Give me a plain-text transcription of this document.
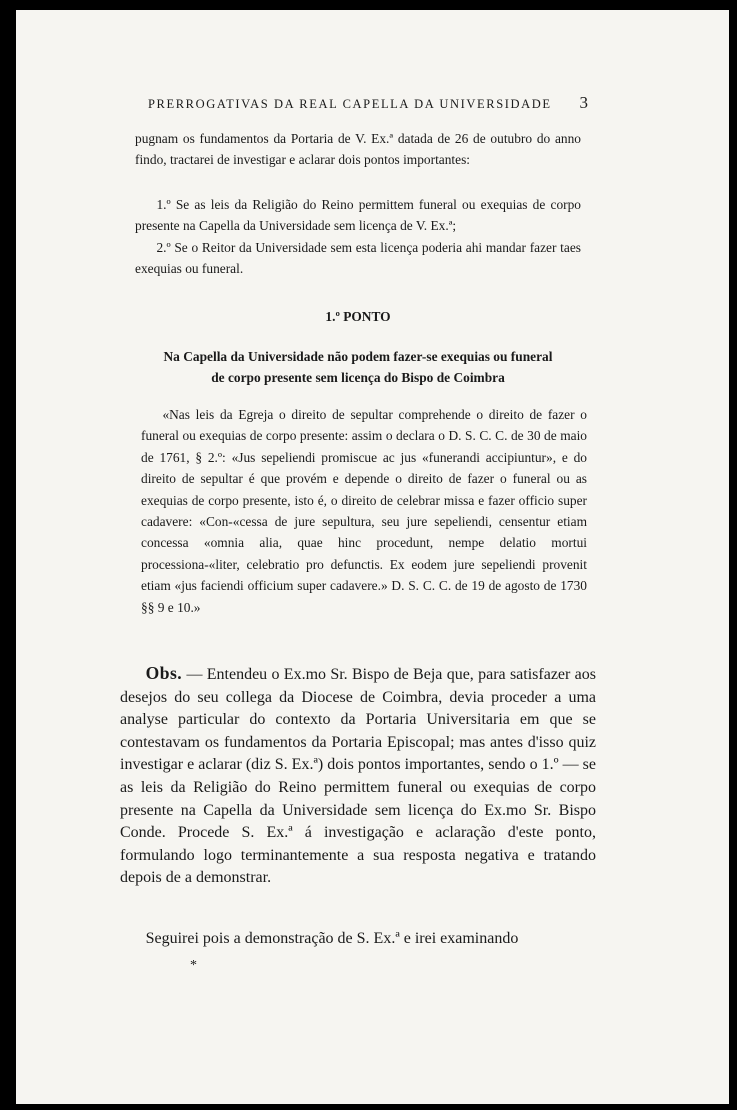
PRERROGATIVAS DA REAL CAPELLA DA UNIVERSIDADE 3

pugnam os fundamentos da Portaria de V. Ex.ª datada de 26 de outubro do anno findo, tractarei de investigar e aclarar dois pontos importantes:

1.º Se as leis da Religião do Reino permittem funeral ou exequias de corpo presente na Capella da Universidade sem licença de V. Ex.ª;

2.º Se o Reitor da Universidade sem esta licença poderia ahi mandar fazer taes exequias ou funeral.

1.º PONTO

Na Capella da Universidade não podem fazer-se exequias ou funeral

de corpo presente sem licença do Bispo de Coimbra

«Nas leis da Egreja o direito de sepultar comprehende o direito de fazer o funeral ou exequias de corpo presente: assim o declara o D. S. C. C. de 30 de maio de 1761, § 2.º: «Jus sepeliendi promiscue ac jus «funerandi accipiuntur», e do direito de sepultar é que provém e depende o direito de fazer o funeral ou as exequias de corpo presente, isto é, o direito de celebrar missa e fazer officio super cadavere: «Con-«cessa de jure sepultura, seu jure sepeliendi, censentur etiam concessa «omnia alia, quae hinc procedunt, nempe delatio mortui processiona-«liter, celebratio pro defunctis. Ex eodem jure sepeliendi provenit etiam «jus faciendi officium super cadavere.» D. S. C. C. de 19 de agosto de 1730 §§ 9 e 10.»

Obs. — Entendeu o Ex.mo Sr. Bispo de Beja que, para satisfazer aos desejos do seu collega da Diocese de Coimbra, devia proceder a uma analyse particular do contexto da Portaria Universitaria em que se contestavam os fundamentos da Portaria Episcopal; mas antes d'isso quiz investigar e aclarar (diz S. Ex.ª) dois pontos importantes, sendo o 1.º — se as leis da Religião do Reino permittem funeral ou exequias de corpo presente na Capella da Universidade sem licença do Ex.mo Sr. Bispo Conde. Procede S. Ex.ª á investigação e aclaração d'este ponto, formulando logo terminantemente a sua resposta negativa e tratando depois de a demonstrar.

Seguirei pois a demonstração de S. Ex.ª e irei examinando

*
